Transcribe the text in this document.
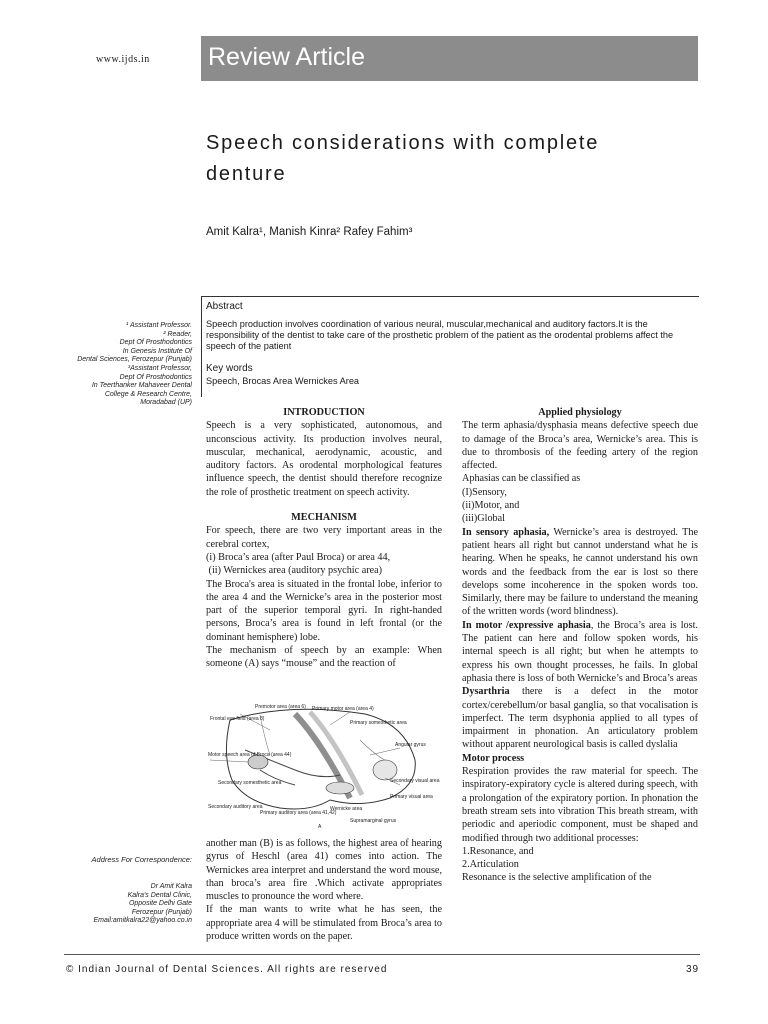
www.ijds.in Review Article
Speech considerations with complete
denture
Amit Kalra¹, Manish Kinra² Rafey Fahim³
¹ Assistant Professor.
² Reader,
Dept Of Prosthodontics
In Genesis Institute Of
Dental Sciences, Ferozepur (Punjab)
³Assistant Professor,
Dept Of Prosthodontics
In Teerthanker Mahaveer Dental
College & Research Centre,
Moradabad (UP)
Address For Correspondence:
Dr Amit Kalra
Kalra's Dental Clinic,
Opposite Delhi Gate
Ferozepur (Punjab)
Email:amitkalra22@yahoo.co.in
Abstract
Speech production involves coordination of various neural, muscular,mechanical and auditory factors.It is the responsibility of the dentist to take care of the prosthetic problem of the patient as the orodental problems affect the speech of the patient
Key words
Speech, Brocas Area Wernickes Area

INTRODUCTION

Speech is a very sophisticated, autonomous, and unconscious activity. Its production involves neural, muscular, mechanical, aerodynamic, acoustic, and auditory factors. As orodental morphological features influence speech, the dentist should therefore recognize the role of prosthetic treatment on speech activity.

MECHANISM

For speech, there are two very important areas in the cerebral cortex,

(i) Broca’s area (after Paul Broca) or area 44,

(ii) Wernickes area (auditory psychic area)

The Broca's area is situated in the frontal lobe, inferior to the area 4 and the Wernicke’s area in the posterior most part of the superior temporal gyri. In right-handed persons, Broca’s area is found in left frontal (or the dominant hemisphere) lobe.

The mechanism of speech by an example: When someone (A) says “mouse” and the reaction of

Premotor area (area 6) Primary motor area (area 4)
Frontal eye field (area 8)
Primary somesthetic area
Motor speech area of Broca (area 44)
Angular gyrus
Secondary somesthetic area	Secondary visual area
Primary visual area
Secondary auditory area
Primary auditory area (area 41,42)
Wernicke area
Supramarginal gyrus
A

another man (B) is as follows, the highest area of hearing gyrus of Heschl (area 41) comes into action. The Wernickes area interpret and understand the word mouse, than broca’s area fire .Which activate appropriates muscles to pronounce the word where.

If the man wants to write what he has seen, the appropriate area 4 will be stimulated from Broca’s area to produce written words on the paper.

Applied physiology

The term aphasia/dysphasia means defective speech due to damage of the Broca’s area, Wernicke’s area. This is due to thrombosis of the feeding artery of the region affected.

Aphasias can be classified as

(I)Sensory,

(ii)Motor, and

(iii)Global

In sensory aphasia, Wernicke’s area is destroyed. The patient hears all right but cannot understand what he is hearing. When he speaks, he cannot understand his own words and the feedback from the ear is lost so there develops some incoherence in the spoken words too. Similarly, there may be failure to understand the meaning of the written words (word blindness).

In motor /expressive aphasia, the Broca’s area is lost. The patient can here and follow spoken words, his internal speech is all right; but when he attempts to express his own thought processes, he fails. In global aphasia there is loss of both Wernicke’s and Broca’s areas

Dysarthria there is a defect in the motor cortex/cerebellum/or basal ganglia, so that vocalisation is imperfect. The term dsyphonia applied to all types of impairment in phonation. An articulatory problem without apparent neurological basis is called dyslalia

Motor process

Respiration provides the raw material for speech. The inspiratory-expiratory cycle is altered during speech, with a prolongation of the expiratory portion. In phonation the breath stream sets into vibration This breath stream, with periodic and aperiodic component, must be shaped and modified through two additional processes:

1.Resonance, and

2.Articulation

Resonance is the selective amplification of the

© Indian Journal of Dental Sciences. All rights are reserved	39
